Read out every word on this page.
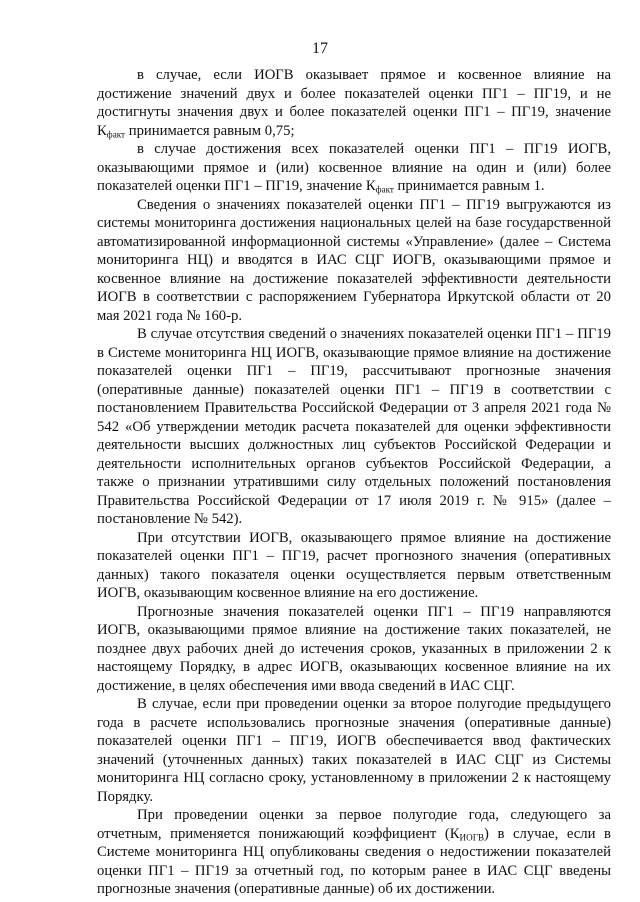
17

в случае, если ИОГВ оказывает прямое и косвенное влияние на достижение значений двух и более показателей оценки ПГ1 – ПГ19, и не достигнуты значения двух и более показателей оценки ПГ1 – ПГ19, значение $К_{факт}$ принимается равным 0,75;

в случае достижения всех показателей оценки ПГ1 – ПГ19 ИОГВ, оказывающими прямое и (или) косвенное влияние на один и (или) более показателей оценки ПГ1 – ПГ19, значение $К_{факт}$ принимается равным 1.

Сведения о значениях показателей оценки ПГ1 – ПГ19 выгружаются из системы мониторинга достижения национальных целей на базе государственной автоматизированной информационной системы «Управление» (далее – Система мониторинга НЦ) и вводятся в ИАС СЦГ ИОГВ, оказывающими прямое и косвенное влияние на достижение показателей эффективности деятельности ИОГВ в соответствии с распоряжением Губернатора Иркутской области от 20 мая 2021 года № 160-р.

В случае отсутствия сведений о значениях показателей оценки ПГ1 – ПГ19 в Системе мониторинга НЦ ИОГВ, оказывающие прямое влияние на достижение показателей оценки ПГ1 – ПГ19, рассчитывают прогнозные значения (оперативные данные) показателей оценки ПГ1 – ПГ19 в соответствии с постановлением Правительства Российской Федерации от 3 апреля 2021 года № 542 «Об утверждении методик расчета показателей для оценки эффективности деятельности высших должностных лиц субъектов Российской Федерации и деятельности исполнительных органов субъектов Российской Федерации, а также о признании утратившими силу отдельных положений постановления Правительства Российской Федерации от 17 июля 2019 г. № 915» (далее – постановление № 542).

При отсутствии ИОГВ, оказывающего прямое влияние на достижение показателей оценки ПГ1 – ПГ19, расчет прогнозного значения (оперативных данных) такого показателя оценки осуществляется первым ответственным ИОГВ, оказывающим косвенное влияние на его достижение.

Прогнозные значения показателей оценки ПГ1 – ПГ19 направляются ИОГВ, оказывающими прямое влияние на достижение таких показателей, не позднее двух рабочих дней до истечения сроков, указанных в приложении 2 к настоящему Порядку, в адрес ИОГВ, оказывающих косвенное влияние на их достижение, в целях обеспечения ими ввода сведений в ИАС СЦГ.

В случае, если при проведении оценки за второе полугодие предыдущего года в расчете использовались прогнозные значения (оперативные данные) показателей оценки ПГ1 – ПГ19, ИОГВ обеспечивается ввод фактических значений (уточненных данных) таких показателей в ИАС СЦГ из Системы мониторинга НЦ согласно сроку, установленному в приложении 2 к настоящему Порядку.

При проведении оценки за первое полугодие года, следующего за отчетным, применяется понижающий коэффициент $(К_{ИОГВ})$ в случае, если в Системе мониторинга НЦ опубликованы сведения о недостижении показателей оценки ПГ1 – ПГ19 за отчетный год, по которым ранее в ИАС СЦГ введены прогнозные значения (оперативные данные) об их достижении.
